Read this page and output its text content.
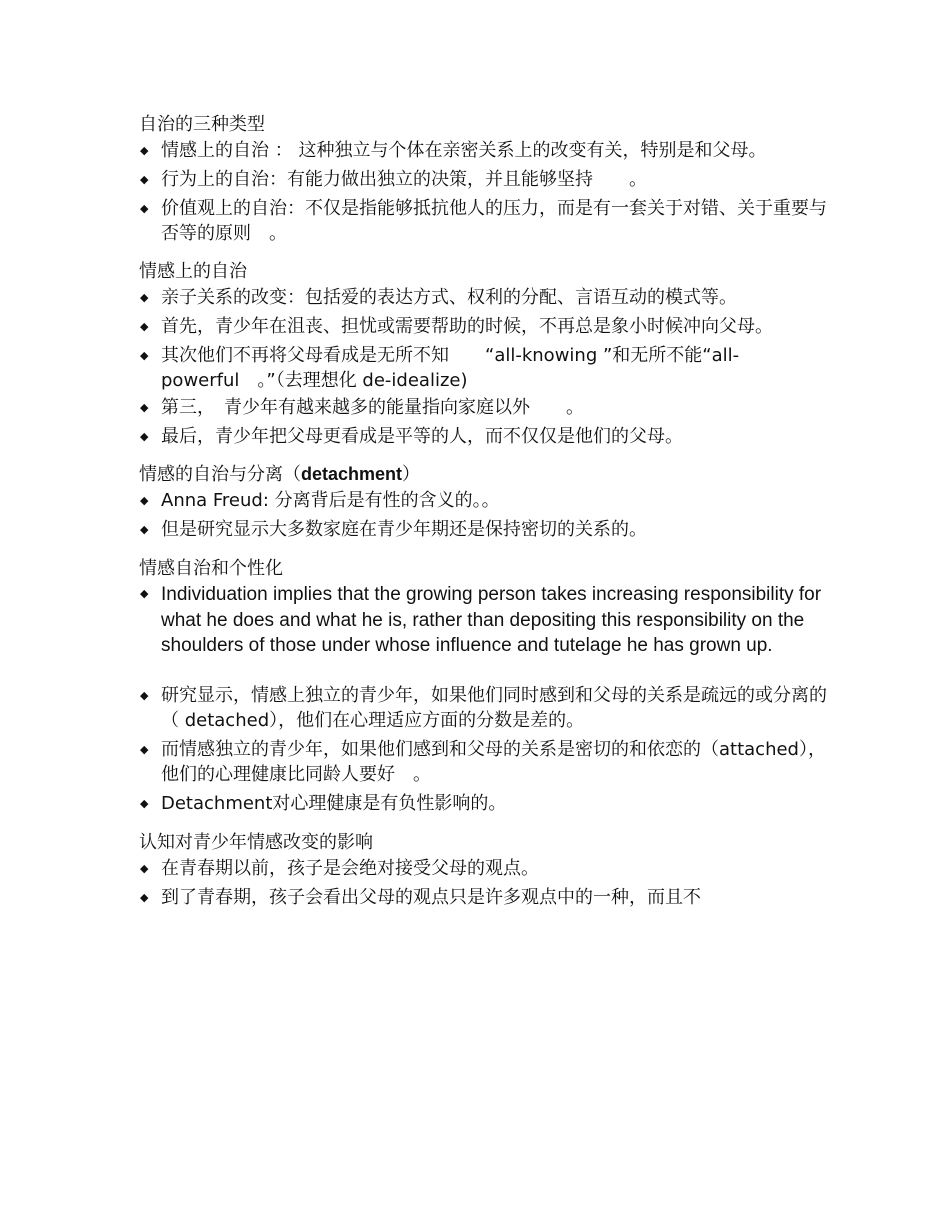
自治的三种类型
◆ 情感上的自治 ： 这种独立与个体在亲密关系上的改变有关，特别是和父母。
◆ 行为上的自治：有能力做出独立的决策，并且能够坚持　　。
◆ 价值观上的自治：不仅是指能够抵抗他人的压力，而是有一套关于对错、关于重要与否等的原则　。
情感上的自治
◆ 亲子关系的改变：包括爱的表达方式、权利的分配、言语互动的模式等。
◆ 首先，青少年在沮丧、担忧或需要帮助的时候，不再总是象小时候冲向父母。
◆ 其次他们不再将父母看成是无所不知　　“all-knowing ”和无所不能“all-powerful　。”（去理想化 de-idealize)
◆ 第三，　青少年有越来越多的能量指向家庭以外　　。
◆ 最后，青少年把父母更看成是平等的人，而不仅仅是他们的父母。
情感的自治与分离（detachment）
◆ Anna Freud: 分离背后是有性的含义的。。
◆ 但是研究显示大多数家庭在青少年期还是保持密切的关系的。
情感自治和个性化
◆ Individuation implies that the growing person takes increasing responsibility for what he does and what he is, rather than depositing this responsibility on the shoulders of those under whose influence and tutelage he has grown up.
◆ 研究显示，情感上独立的青少年，如果他们同时感到和父母的关系是疏远的或分离的（ detached），他们在心理适应方面的分数是差的。
◆ 而情感独立的青少年，如果他们感到和父母的关系是密切的和依恋的（attached），他们的心理健康比同龄人要好　。
◆ Detachment对心理健康是有负性影响的。
认知对青少年情感改变的影响
◆ 在青春期以前，孩子是会绝对接受父母的观点。
◆ 到了青春期，孩子会看出父母的观点只是许多观点中的一种，而且不
